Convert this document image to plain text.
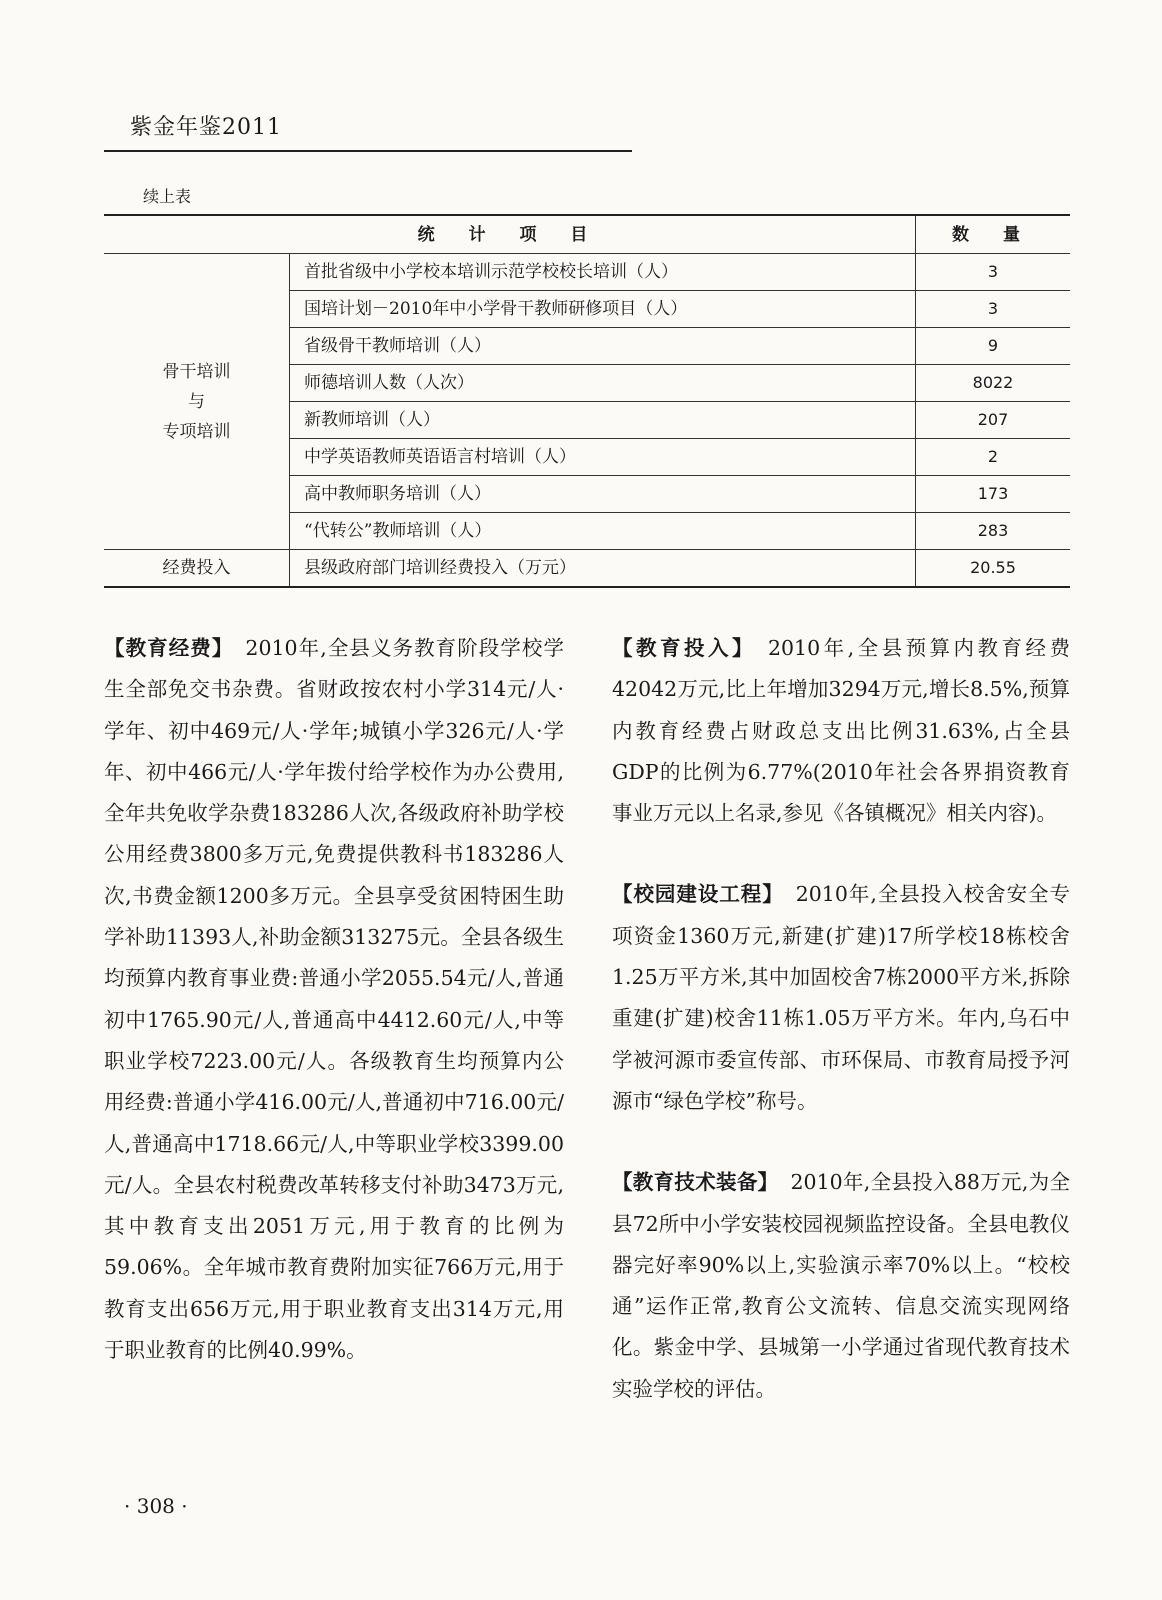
紫金年鉴2011
续上表
统 计 项 目		数 量

骨干培训
与
专项培训	首批省级中小学校本培训示范学校校长培训（人）	3
	国培计划－2010年中小学骨干教师研修项目（人）	3
	省级骨干教师培训（人）	9
	师德培训人数（人次）	8022
	新教师培训（人）	207
	中学英语教师英语语言村培训（人）	2
	高中教师职务培训（人）	173
	“代转公”教师培训（人）	283

经费投入	县级政府部门培训经费投入（万元）	20.55

【教育经费】 2010年,全县义务教育阶段学校学生全部免交书杂费。省财政按农村小学314元/人·学年、初中469元/人·学年;城镇小学326元/人·学年、初中466元/人·学年拨付给学校作为办公费用,全年共免收学杂费183286人次,各级政府补助学校公用经费3800多万元,免费提供教科书183286人次,书费金额1200多万元。全县享受贫困特困生助学补助11393人,补助金额313275元。全县各级生均预算内教育事业费:普通小学2055.54元/人,普通初中1765.90元/人,普通高中4412.60元/人,中等职业学校7223.00元/人。各级教育生均预算内公用经费:普通小学416.00元/人,普通初中716.00元/人,普通高中1718.66元/人,中等职业学校3399.00元/人。全县农村税费改革转移支付补助3473万元,其中教育支出2051万元,用于教育的比例为59.06%。全年城市教育费附加实征766万元,用于教育支出656万元,用于职业教育支出314万元,用于职业教育的比例40.99%。

【教育投入】 2010年,全县预算内教育经费42042万元,比上年增加3294万元,增长8.5%,预算内教育经费占财政总支出比例31.63%,占全县GDP的比例为6.77%(2010年社会各界捐资教育事业万元以上名录,参见《各镇概况》相关内容)。

【校园建设工程】 2010年,全县投入校舍安全专项资金1360万元,新建(扩建)17所学校18栋校舍1.25万平方米,其中加固校舍7栋2000平方米,拆除重建(扩建)校舍11栋1.05万平方米。年内,乌石中学被河源市委宣传部、市环保局、市教育局授予河源市“绿色学校”称号。

【教育技术装备】 2010年,全县投入88万元,为全县72所中小学安装校园视频监控设备。全县电教仪器完好率90%以上,实验演示率70%以上。“校校通”运作正常,教育公文流转、信息交流实现网络化。紫金中学、县城第一小学通过省现代教育技术实验学校的评估。

· 308 ·
